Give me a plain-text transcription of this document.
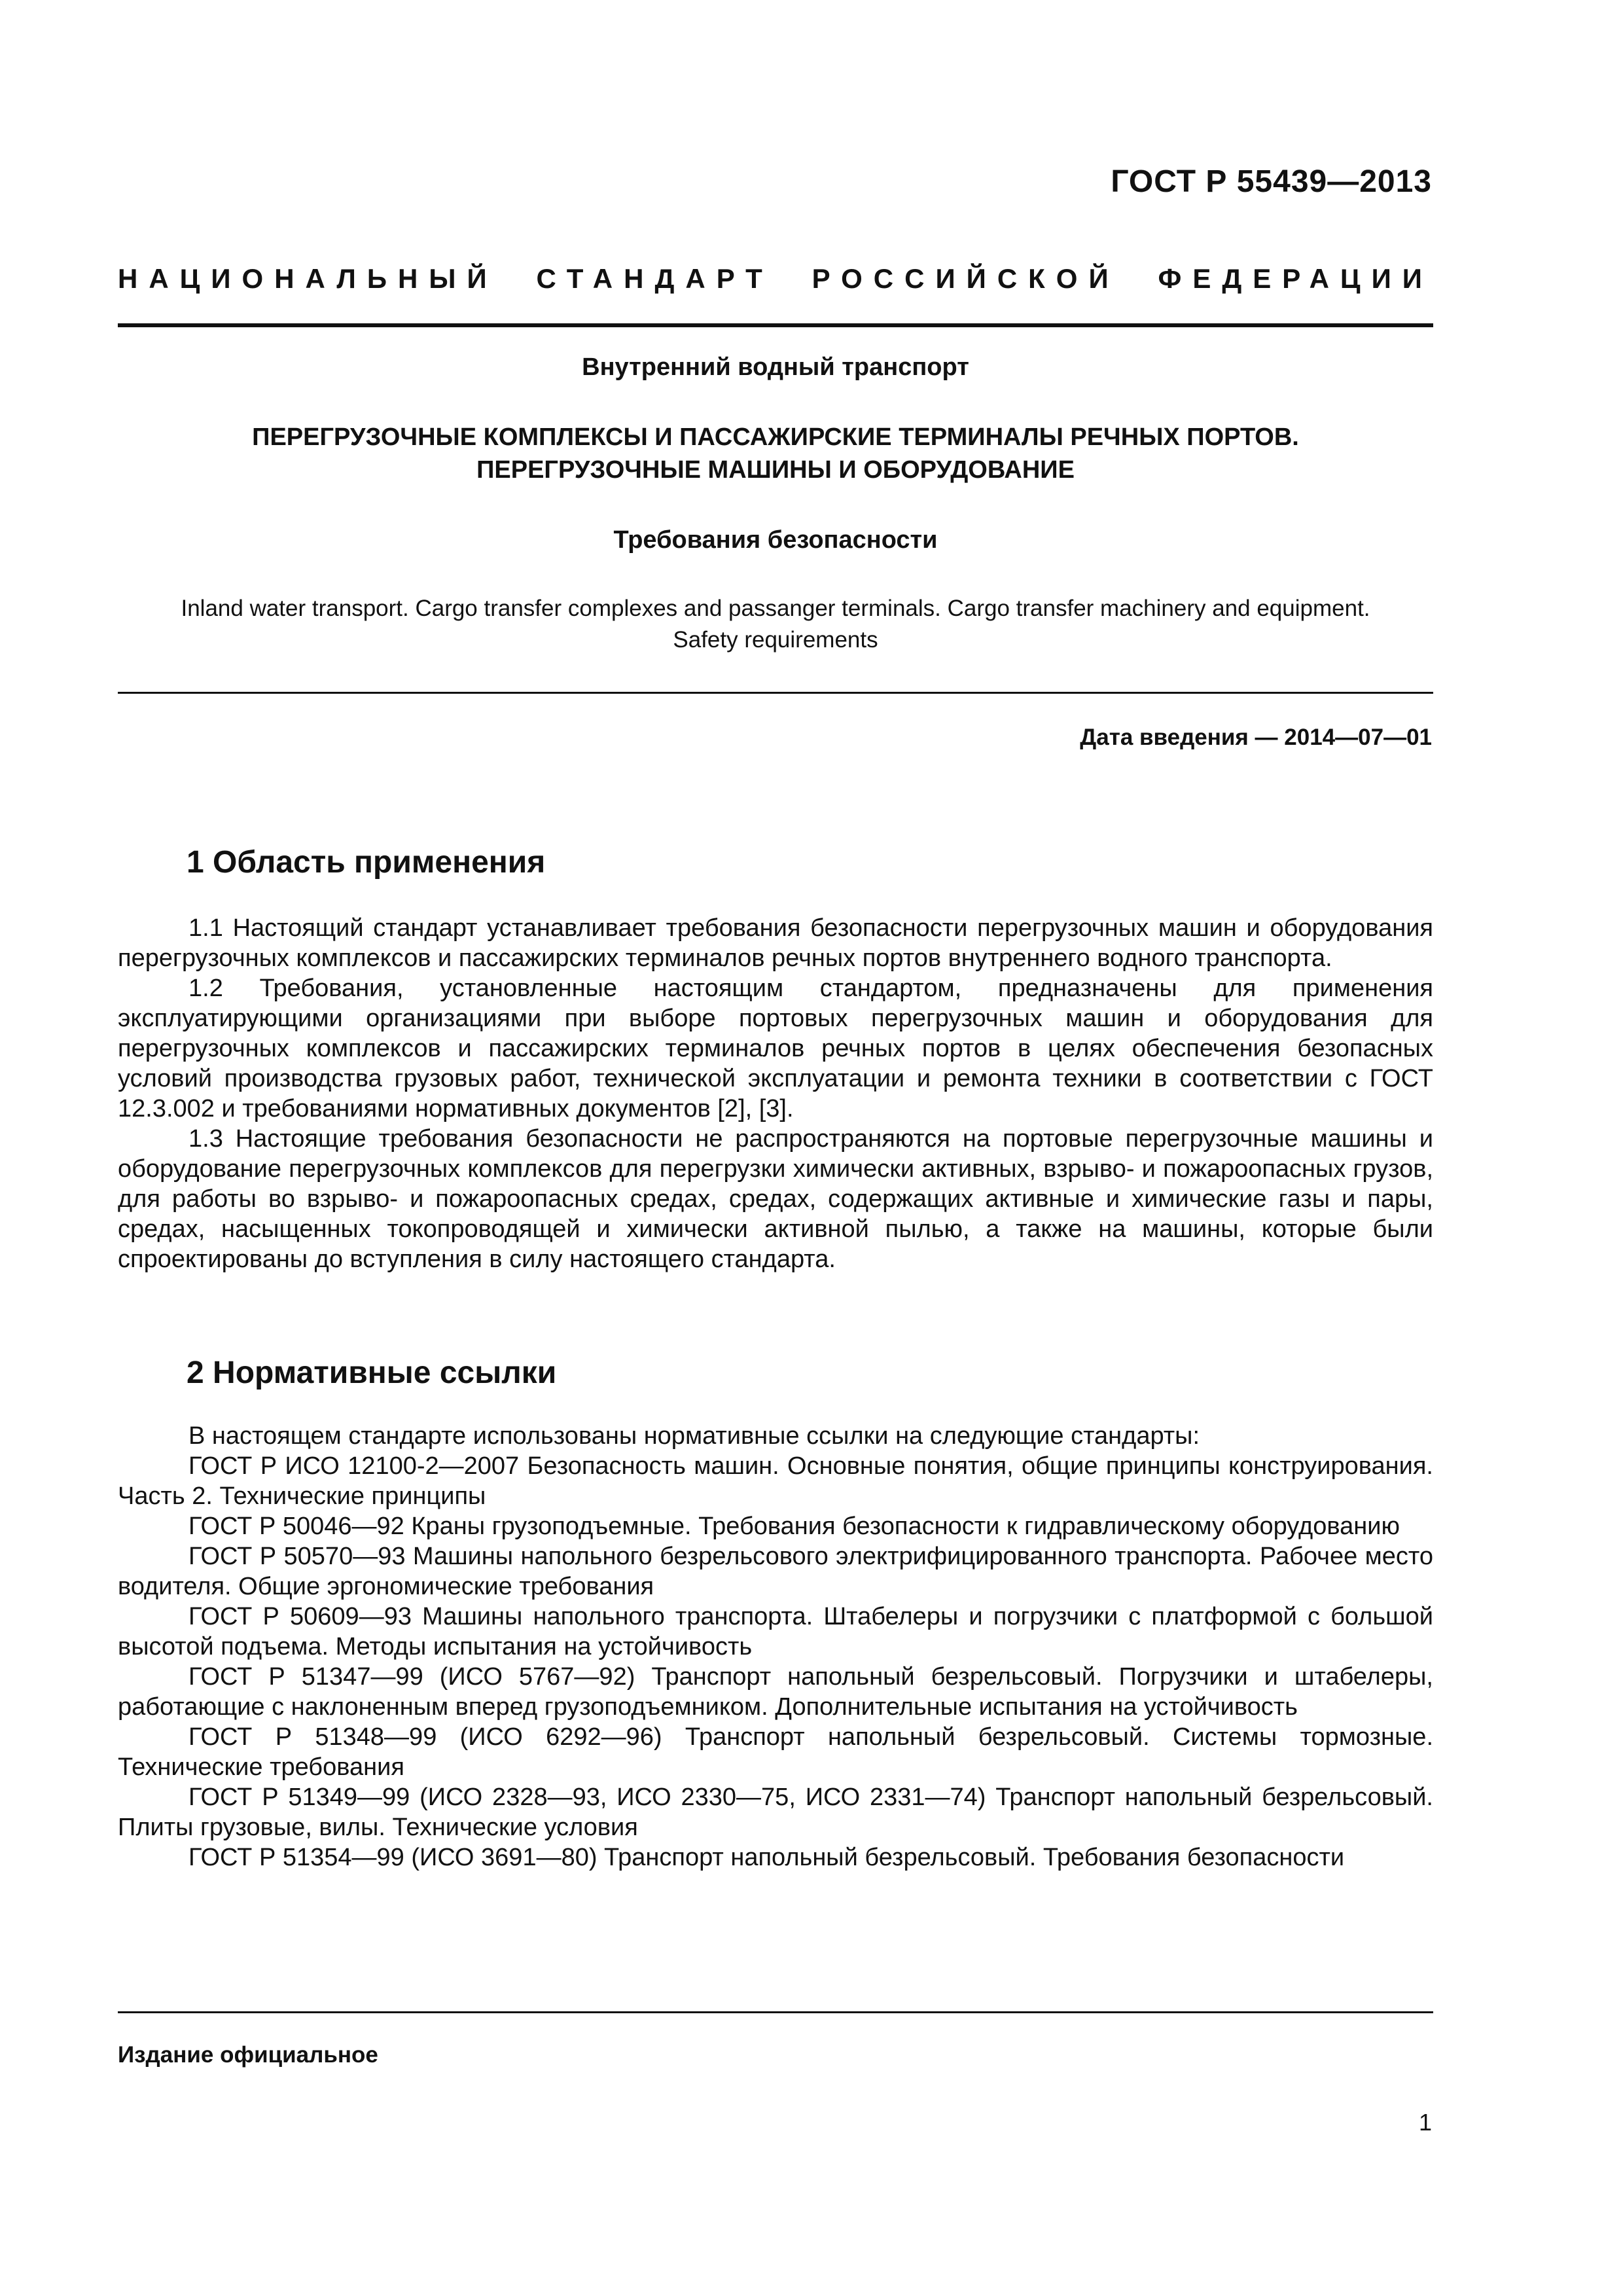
ГОСТ Р 55439—2013
НАЦИОНАЛЬНЫЙ СТАНДАРТ РОССИЙСКОЙ ФЕДЕРАЦИИ
Внутренний водный транспорт
ПЕРЕГРУЗОЧНЫЕ КОМПЛЕКСЫ И ПАССАЖИРСКИЕ ТЕРМИНАЛЫ РЕЧНЫХ ПОРТОВ.
ПЕРЕГРУЗОЧНЫЕ МАШИНЫ И ОБОРУДОВАНИЕ
Требования безопасности
Inland water transport. Cargo transfer complexes and passanger terminals. Cargo transfer machinery and equipment.
Safety requirements
Дата введения — 2014—07—01
1 Область применения

1.1 Настоящий стандарт устанавливает требования безопасности перегрузочных машин и оборудования перегрузочных комплексов и пассажирских терминалов речных портов внутреннего водного транспорта.

1.2 Требования, установленные настоящим стандартом, предназначены для применения эксплуатирующими организациями при выборе портовых перегрузочных машин и оборудования для перегрузочных комплексов и пассажирских терминалов речных портов в целях обеспечения безопасных условий производства грузовых работ, технической эксплуатации и ремонта техники в соответствии с ГОСТ 12.3.002 и требованиями нормативных документов [2], [3].

1.3 Настоящие требования безопасности не распространяются на портовые перегрузочные машины и оборудование перегрузочных комплексов для перегрузки химически активных, взрыво- и пожароопасных грузов, для работы во взрыво- и пожароопасных средах, средах, содержащих активные и химические газы и пары, средах, насыщенных токопроводящей и химически активной пылью, а также на машины, которые были спроектированы до вступления в силу настоящего стандарта.

2 Нормативные ссылки

В настоящем стандарте использованы нормативные ссылки на следующие стандарты:

ГОСТ Р ИСО 12100-2—2007 Безопасность машин. Основные понятия, общие принципы конструирования. Часть 2. Технические принципы

ГОСТ Р 50046—92 Краны грузоподъемные. Требования безопасности к гидравлическому оборудованию

ГОСТ Р 50570—93 Машины напольного безрельсового электрифицированного транспорта. Рабочее место водителя. Общие эргономические требования

ГОСТ Р 50609—93 Машины напольного транспорта. Штабелеры и погрузчики с платформой с большой высотой подъема. Методы испытания на устойчивость

ГОСТ Р 51347—99 (ИСО 5767—92) Транспорт напольный безрельсовый. Погрузчики и штабелеры, работающие с наклоненным вперед грузоподъемником. Дополнительные испытания на устойчивость

ГОСТ Р 51348—99 (ИСО 6292—96) Транспорт напольный безрельсовый. Системы тормозные. Технические требования

ГОСТ Р 51349—99 (ИСО 2328—93, ИСО 2330—75, ИСО 2331—74) Транспорт напольный безрельсовый. Плиты грузовые, вилы. Технические условия

ГОСТ Р 51354—99 (ИСО 3691—80) Транспорт напольный безрельсовый. Требования безопасности

Издание официальное
1
